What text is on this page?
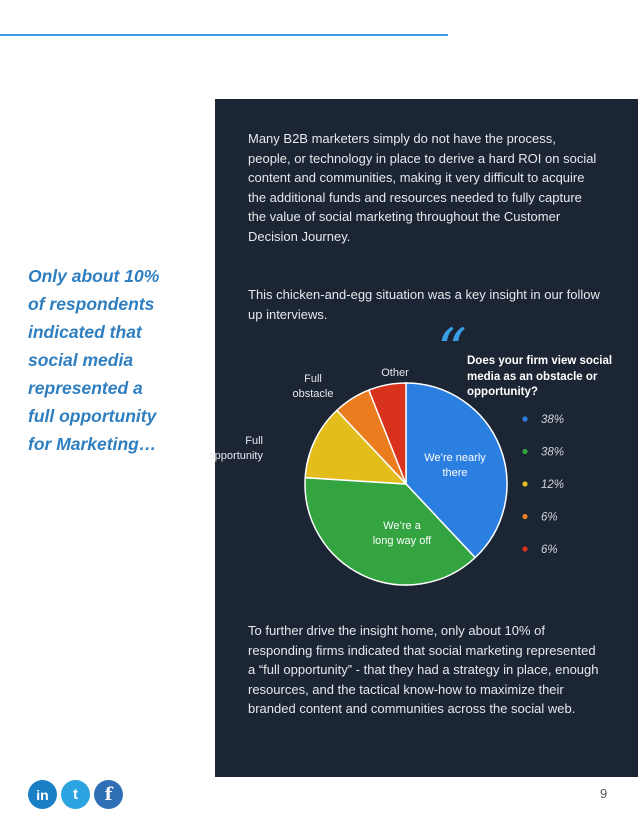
Only about 10%
of respondents
indicated that
social media
represented a
full opportunity
for Marketing…

Many B2B marketers simply do not have the process, people, or technology in place to derive a hard ROI on social content and communities, making it very difficult to acquire the additional funds and resources needed to fully capture the value of social marketing throughout the Customer Decision Journey.

This chicken-and-egg situation was a key insight in our follow up interviews.

“ Does your firm view social media as an obstacle or opportunity?
We’re nearly there
We’re a long way off
Full opportunity
Full obstacle
Other
38%
38%
12%
6%
6%

To further drive the insight home, only about 10% of responding firms indicated that social marketing represented a “full opportunity” - that they had a strategy in place, enough resources, and the tactical know-how to maximize their branded content and communities across the social web.

in	t	f	9
